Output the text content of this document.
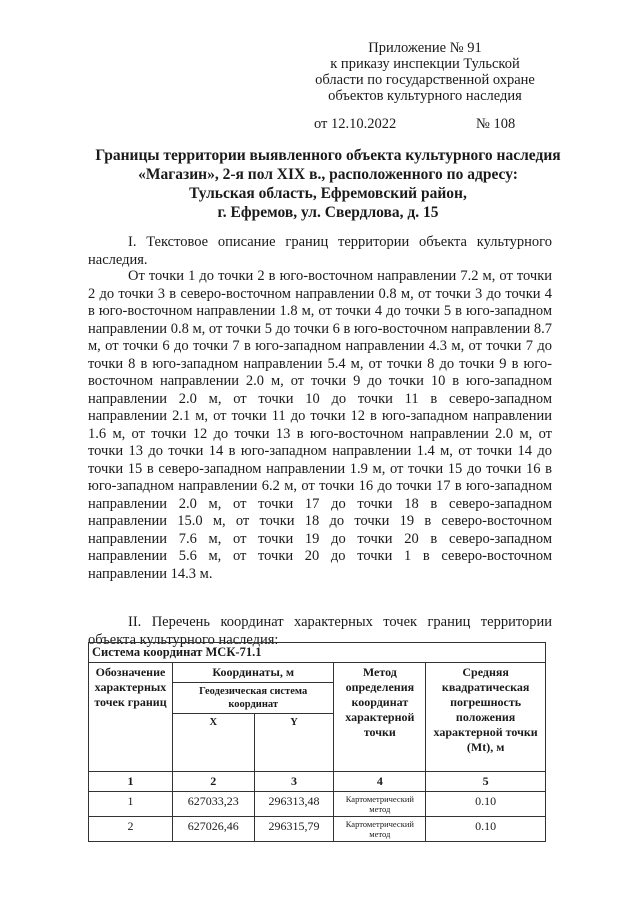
Приложение № 91
к приказу инспекции Тульской
области по государственной охране
объектов культурного наследия
от 12.10.2022	№ 108
Границы территории выявленного объекта культурного наследия
«Магазин», 2-я пол XIX в., расположенного по адресу:
Тульская область, Ефремовский район,
г. Ефремов, ул. Свердлова, д. 15
I. Текстовое описание границ территории объекта культурного наследия.
От точки 1 до точки 2 в юго-восточном направлении 7.2 м, от точки 2 до точки 3 в северо-восточном направлении 0.8 м, от точки 3 до точки 4 в юго-восточном направлении 1.8 м, от точки 4 до точки 5 в юго-западном направлении 0.8 м, от точки 5 до точки 6 в юго-восточном направлении 8.7 м, от точки 6 до точки 7 в юго-западном направлении 4.3 м, от точки 7 до точки 8 в юго-западном направлении 5.4 м, от точки 8 до точки 9 в юго-восточном направлении 2.0 м, от точки 9 до точки 10 в юго-западном направлении 2.0 м, от точки 10 до точки 11 в северо-западном направлении 2.1 м, от точки 11 до точки 12 в юго-западном направлении 1.6 м, от точки 12 до точки 13 в юго-восточном направлении 2.0 м, от точки 13 до точки 14 в юго-западном направлении 1.4 м, от точки 14 до точки 15 в северо-западном направлении 1.9 м, от точки 15 до точки 16 в юго-западном направлении 6.2 м, от точки 16 до точки 17 в юго-западном направлении 2.0 м, от точки 17 до точки 18 в северо-западном направлении 15.0 м, от точки 18 до точки 19 в северо-восточном направлении 7.6 м, от точки 19 до точки 20 в северо-западном направлении 5.6 м, от точки 20 до точки 1 в северо-восточном направлении 14.3 м.
II. Перечень координат характерных точек границ территории объекта культурного наследия:
Система координат МСК-71.1				
Обозначение характерных точек границ	Координаты, м		Метод определения координат характерной точки	Средняя квадратическая погрешность положения характерной точки (Mt), м
	Геодезическая система координат			
	X	Y		
1	2	3	4	5
1	627033,23	296313,48	Картометрический метод	0.10
2	627026,46	296315,79	Картометрический метод	0.10
